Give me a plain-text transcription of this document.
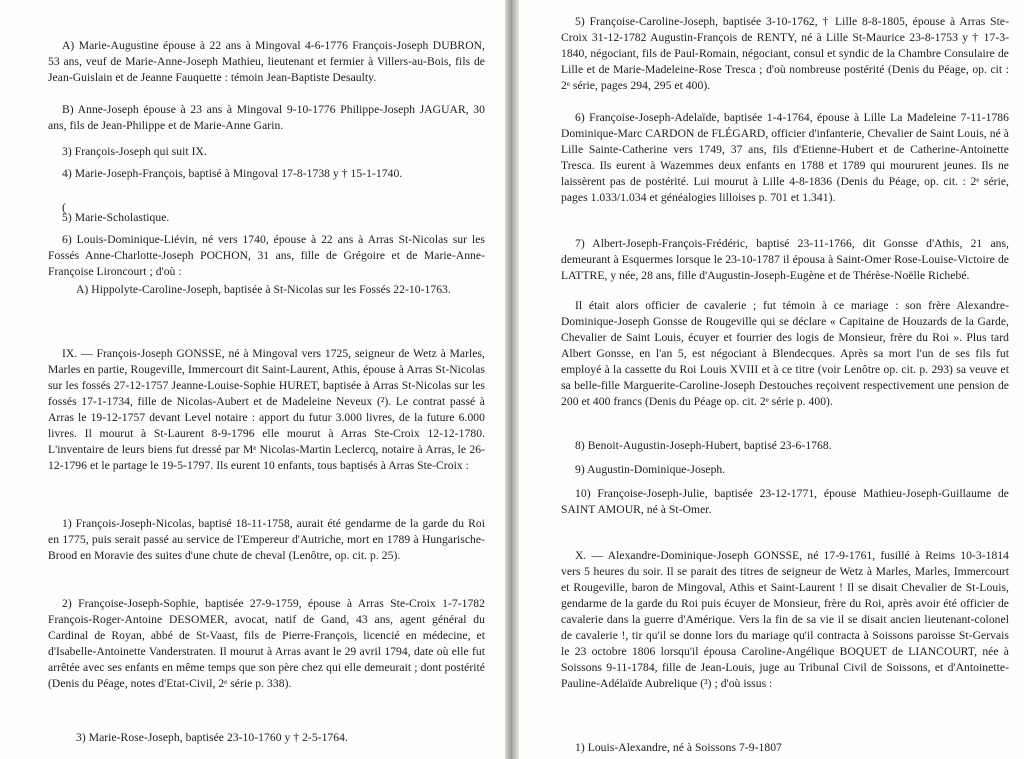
A) Marie-Augustine épouse à 22 ans à Mingoval 4-6-1776 François-Joseph DUBRON, 53 ans, veuf de Marie-Anne-Joseph Mathieu, lieutenant et fermier à Villers-au-Bois, fils de Jean-Guislain et de Jeanne Fauquette : témoin Jean-Baptiste Desaulty.

B) Anne-Joseph épouse à 23 ans à Mingoval 9-10-1776 Philippe-Joseph JAGUAR, 30 ans, fils de Jean-Philippe et de Marie-Anne Garin.

3) François-Joseph qui suit IX.

4) Marie-Joseph-François, baptisé à Mingoval 17-8-1738 y † 15-1-1740.

(

5) Marie-Scholastique.

6) Louis-Dominique-Liévin, né vers 1740, épouse à 22 ans à Arras St-Nicolas sur les Fossés Anne-Charlotte-Joseph POCHON, 31 ans, fille de Grégoire et de Marie-Anne-Françoise Lironcourt ; d'où :

A) Hippolyte-Caroline-Joseph, baptisée à St-Nicolas sur les Fossés 22-10-1763.

IX. — François-Joseph GONSSE, né à Mingoval vers 1725, seigneur de Wetz à Marles, Marles en partie, Rougeville, Immercourt dit Saint-Laurent, Athis, épouse à Arras St-Nicolas sur les fossés 27-12-1757 Jeanne-Louise-Sophie HURET, baptisée à Arras St-Nicolas sur les fossés 17-1-1734, fille de Nicolas-Aubert et de Madeleine Neveux (²). Le contrat passé à Arras le 19-12-1757 devant Level notaire : apport du futur 3.000 livres, de la future 6.000 livres. Il mourut à St-Laurent 8-9-1796 elle mourut à Arras Ste-Croix 12-12-1780. L'inventaire de leurs biens fut dressé par Mᵉ Nicolas-Martin Leclercq, notaire à Arras, le 26-12-1796 et le partage le 19-5-1797. Ils eurent 10 enfants, tous baptisés à Arras Ste-Croix :

1) François-Joseph-Nicolas, baptisé 18-11-1758, aurait été gendarme de la garde du Roi en 1775, puis serait passé au service de l'Empereur d'Autriche, mort en 1789 à Hungarische-Brood en Moravie des suites d'une chute de cheval (Lenôtre, op. cit. p. 25).

2) Françoise-Joseph-Sophie, baptisée 27-9-1759, épouse à Arras Ste-Croix 1-7-1782 François-Roger-Antoine DESOMER, avocat, natif de Gand, 43 ans, agent général du Cardinal de Royan, abbé de St-Vaast, fils de Pierre-François, licencié en médecine, et d'Isabelle-Antoinette Vanderstraten. Il mourut à Arras avant le 29 avril 1794, date où elle fut arrêtée avec ses enfants en même temps que son père chez qui elle demeurait ; dont postérité (Denis du Péage, notes d'Etat-Civil, 2ᵉ série p. 338).

3) Marie-Rose-Joseph, baptisée 23-10-1760 y † 2-5-1764.

5) Françoise-Caroline-Joseph, baptisée 3-10-1762, † Lille 8-8-1805, épouse à Arras Ste-Croix 31-12-1782 Augustin-François de RENTY, né à Lille St-Maurice 23-8-1753 y † 17-3-1840, négociant, fils de Paul-Romain, négociant, consul et syndic de la Chambre Consulaire de Lille et de Marie-Madeleine-Rose Tresca ; d'où nombreuse postérité (Denis du Péage, op. cit : 2ᵉ série, pages 294, 295 et 400).

6) Françoise-Joseph-Adelaïde, baptisée 1-4-1764, épouse à Lille La Madeleine 7-11-1786 Dominique-Marc CARDON de FLÉGARD, officier d'infanterie, Chevalier de Saint Louis, né à Lille Sainte-Catherine vers 1749, 37 ans, fils d'Etienne-Hubert et de Catherine-Antoinette Tresca. Ils eurent à Wazemmes deux enfants en 1788 et 1789 qui moururent jeunes. Ils ne laissèrent pas de postérité. Lui mourut à Lille 4-8-1836 (Denis du Péage, op. cit. : 2ᵉ série, pages 1.033/1.034 et généalogies lilloises p. 701 et 1.341).

7) Albert-Joseph-François-Frédéric, baptisé 23-11-1766, dit Gonsse d'Athis, 21 ans, demeurant à Esquermes lorsque le 23-10-1787 il épousa à Saint-Omer Rose-Louise-Victoire de LATTRE, y née, 28 ans, fille d'Augustin-Joseph-Eugène et de Thérèse-Noëlle Richebé.

Il était alors officier de cavalerie ; fut témoin à ce mariage : son frère Alexandre-Dominique-Joseph Gonsse de Rougeville qui se déclare « Capitaine de Houzards de la Garde, Chevalier de Saint Louis, écuyer et fourrier des logis de Monsieur, frère du Roi ». Plus tard Albert Gonsse, en l'an 5, est négociant à Blendecques. Après sa mort l'un de ses fils fut employé à la cassette du Roi Louis XVIII et à ce titre (voir Lenôtre op. cit. p. 293) sa veuve et sa belle-fille Marguerite-Caroline-Joseph Destouches reçoivent respectivement une pension de 200 et 400 francs (Denis du Péage op. cit. 2ᵉ série p. 400).

8) Benoit-Augustin-Joseph-Hubert, baptisé 23-6-1768.

9) Augustin-Dominique-Joseph.

10) Françoise-Joseph-Julie, baptisée 23-12-1771, épouse Mathieu-Joseph-Guillaume de SAINT AMOUR, né à St-Omer.

X. — Alexandre-Dominique-Joseph GONSSE, né 17-9-1761, fusillé à Reims 10-3-1814 vers 5 heures du soir. Il se parait des titres de seigneur de Wetz à Marles, Marles, Immercourt et Rougeville, baron de Mingoval, Athis et Saint-Laurent ! Il se disait Chevalier de St-Louis, gendarme de la garde du Roi puis écuyer de Monsieur, frère du Roi, après avoir été officier de cavalerie dans la guerre d'Amérique. Vers la fin de sa vie il se disait ancien lieutenant-colonel de cavalerie !, tir qu'il se donne lors du mariage qu'il contracta à Soissons paroisse St-Gervais le 23 octobre 1806 lorsqu'il épousa Caroline-Angélique BOQUET de LIANCOURT, née à Soissons 9-11-1784, fille de Jean-Louis, juge au Tribunal Civil de Soissons, et d'Antoinette-Pauline-Adélaïde Aubrelique (³) ; d'où issus :

1) Louis-Alexandre, né à Soissons 7-9-1807
